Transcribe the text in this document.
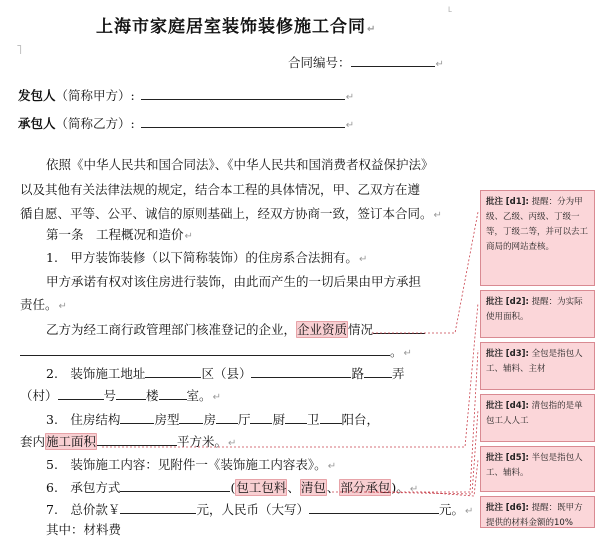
˥
˪
上海市家庭居室装饰装修施工合同↵
合同编号：	↵
发包人（简称甲方）:	↵
承包人（简称乙方）:	↵
依照《中华人民共和国合同法》、《中华人民共和国消费者权益保护法》
以及其他有关法律法规的规定，结合本工程的具体情况，甲、乙双方在遵
循自愿、平等、公平、诚信的原则基础上，经双方协商一致，签订本合同。↵
第一条　工程概况和造价↵
1.　甲方装饰装修（以下简称装饰）的住房系合法拥有。↵
甲方承诺有权对该住房进行装饰，由此而产生的一切后果由甲方承担
责任。↵
乙方为经工商行政管理部门核准登记的企业，企业资质情况
。↵
2.　装饰施工地址	区（县）	路 弄
（村）	号 楼 室。↵
3.　住房结构	房型 房 厅 厨 卫 阳台，
套内施工面积	平方米。↵
5.　装饰施工内容：见附件一《装饰施工内容表》。↵
6.　承包方式	(包工包料、清包、部分承包)。↵
7.　总价款￥	元，人民币（大写）	元。↵
其中：材料费
批注 [d1]: 提醒：分为甲级、乙级、丙级、丁级一等，丁级二等，并可以去工商局的网站查核。
批注 [d2]: 提醒：为实际使用面积。
批注 [d3]: 全包是指包人工、辅料、主材
批注 [d4]: 清包指的是单包工人人工
批注 [d5]: 半包是指包人工、辅料。
批注 [d6]: 提醒：既甲方提供的材料金额的10%
